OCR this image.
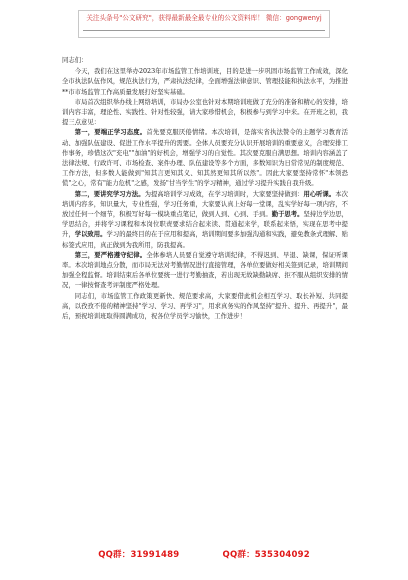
关注头条号"公文研究"，获得最新最全最专业的公文资料库！ 微信：gongwenyj

同志们：

今天，我们在这里举办2023年市场监管工作培训班，目的是进一步巩固市场监管工作成效，深化全市执法队伍作风，规范执法行为，严肃执法纪律，全面增强法律意识、管理技能和执法水平，为推进**市市场监管工作高质量发展打好坚实基础。

市局首次组织举办线上网络培训，市局办公室也针对本期培训班做了充分的准备和精心的安排，培训内容丰富，理论性、实践性、针对性较强，请大家珍惜机会，积极参与到学习中来。在开班之初，我提三点意见：

第一，要端正学习态度。首先要克服厌倦情绪。本次培训，是落实省执法赞令的主题学习教育活动、加强队伍建设、促进工作水平提升的需要。全体人员要充分认识开展培训的重要意义，合理安排工作事务，珍惜这次"充电""加油"的好机会，增强学习的自觉性。其次要克服自满思想。培训内容涵盖了法律法规、行政许可、市场检查、案件办理、队伍建设等多个方面，多数知识为日常常见的制度规范、工作方法，但多数人能做到"知其言更知其义、知其然更知其所以然"。因此大家要坚持常怀"本领恐慌"之心，常有"能力危机"之感，发扬"甘当学生"的学习精神，通过学习提升实践自我升级。

第二，要讲究学习方法。为提高培训学习成效，在学习培训时，大家要坚持做到：用心听课。本次培训内容多，知识量大，专业性强，学习任务重，大家要认真上好每一堂课，乱实学好每一项内容，不放过任何一个细节，积极写好每一模块重点笔记，做到人到、心到、手到。勤于思考。坚持边学边思，学思结合，并将学习课程和本岗位职责要求结合起来读、贯通起来学，联系起来悟，实现在思考中提升，学以致用。学习的最终目的在于应用和提高，培训期间要多加强沟通和实践，避免教条式理解、贴标签式应用，真正做到为我所用，防我提高。

第三，要严格遵守纪律。全体参培人员要自觉遵守培训纪律，不得迟到、早退、缺课，保证听课率。本次培训地点分散，而市局无法对考勤情况进行直接管理，各单位要做好相关签到记录，培训期间加强全程监督。培训结束后各单位要统一进行考勤抽查，若出现无故缺勤缺席、拒不服从组织安排的情况，一律按督查考评制度严格处理。

同志们，市场监管工作政策更新快、规范要求高，大家要借此机会相互学习、取长补短、共同提高，以孜孜不倦的精神坚持"学习、学习、再学习"，用求真务实的作风坚持"提升、提升、再提升"，最后，预祝培训班取得圆满成功，祝各位学员学习愉快，工作进步！

QQ群：31991489	QQ群：535304092
